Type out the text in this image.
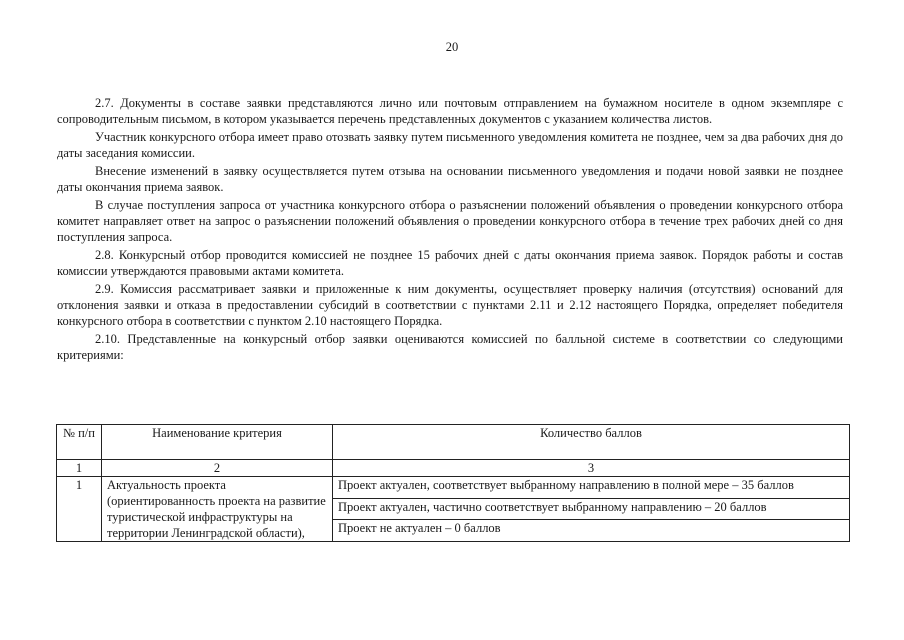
20

2.7. Документы в составе заявки представляются лично или почтовым отправлением на бумажном носителе в одном экземпляре с сопроводительным письмом, в котором указывается перечень представленных документов с указанием количества листов.

Участник конкурсного отбора имеет право отозвать заявку путем письменного уведомления комитета не позднее, чем за два рабочих дня до даты заседания комиссии.

Внесение изменений в заявку осуществляется путем отзыва на основании письменного уведомления и подачи новой заявки не позднее даты окончания приема заявок.

В случае поступления запроса от участника конкурсного отбора о разъяснении положений объявления о проведении конкурсного отбора комитет направляет ответ на запрос о разъяснении положений объявления о проведении конкурсного отбора в течение трех рабочих дней со дня поступления запроса.

2.8. Конкурсный отбор проводится комиссией не позднее 15 рабочих дней с даты окончания приема заявок. Порядок работы и состав комиссии утверждаются правовыми актами комитета.

2.9. Комиссия рассматривает заявки и приложенные к ним документы, осуществляет проверку наличия (отсутствия) оснований для отклонения заявки и отказа в предоставлении субсидий в соответствии с пунктами 2.11 и 2.12 настоящего Порядка, определяет победителя конкурсного отбора в соответствии с пунктом 2.10 настоящего Порядка.

2.10. Представленные на конкурсный отбор заявки оцениваются комиссией по балльной системе в соответствии со следующими критериями:

№ п/п	Наименование критерия	Количество баллов
1	2	3
1	Актуальность проекта (ориентированность проекта на развитие туристической инфраструктуры на территории Ленинградской области),	Проект актуален, соответствует выбранному направлению в полной мере – 35 баллов
		Проект актуален, частично соответствует выбранному направлению – 20 баллов
		Проект не актуален – 0 баллов
